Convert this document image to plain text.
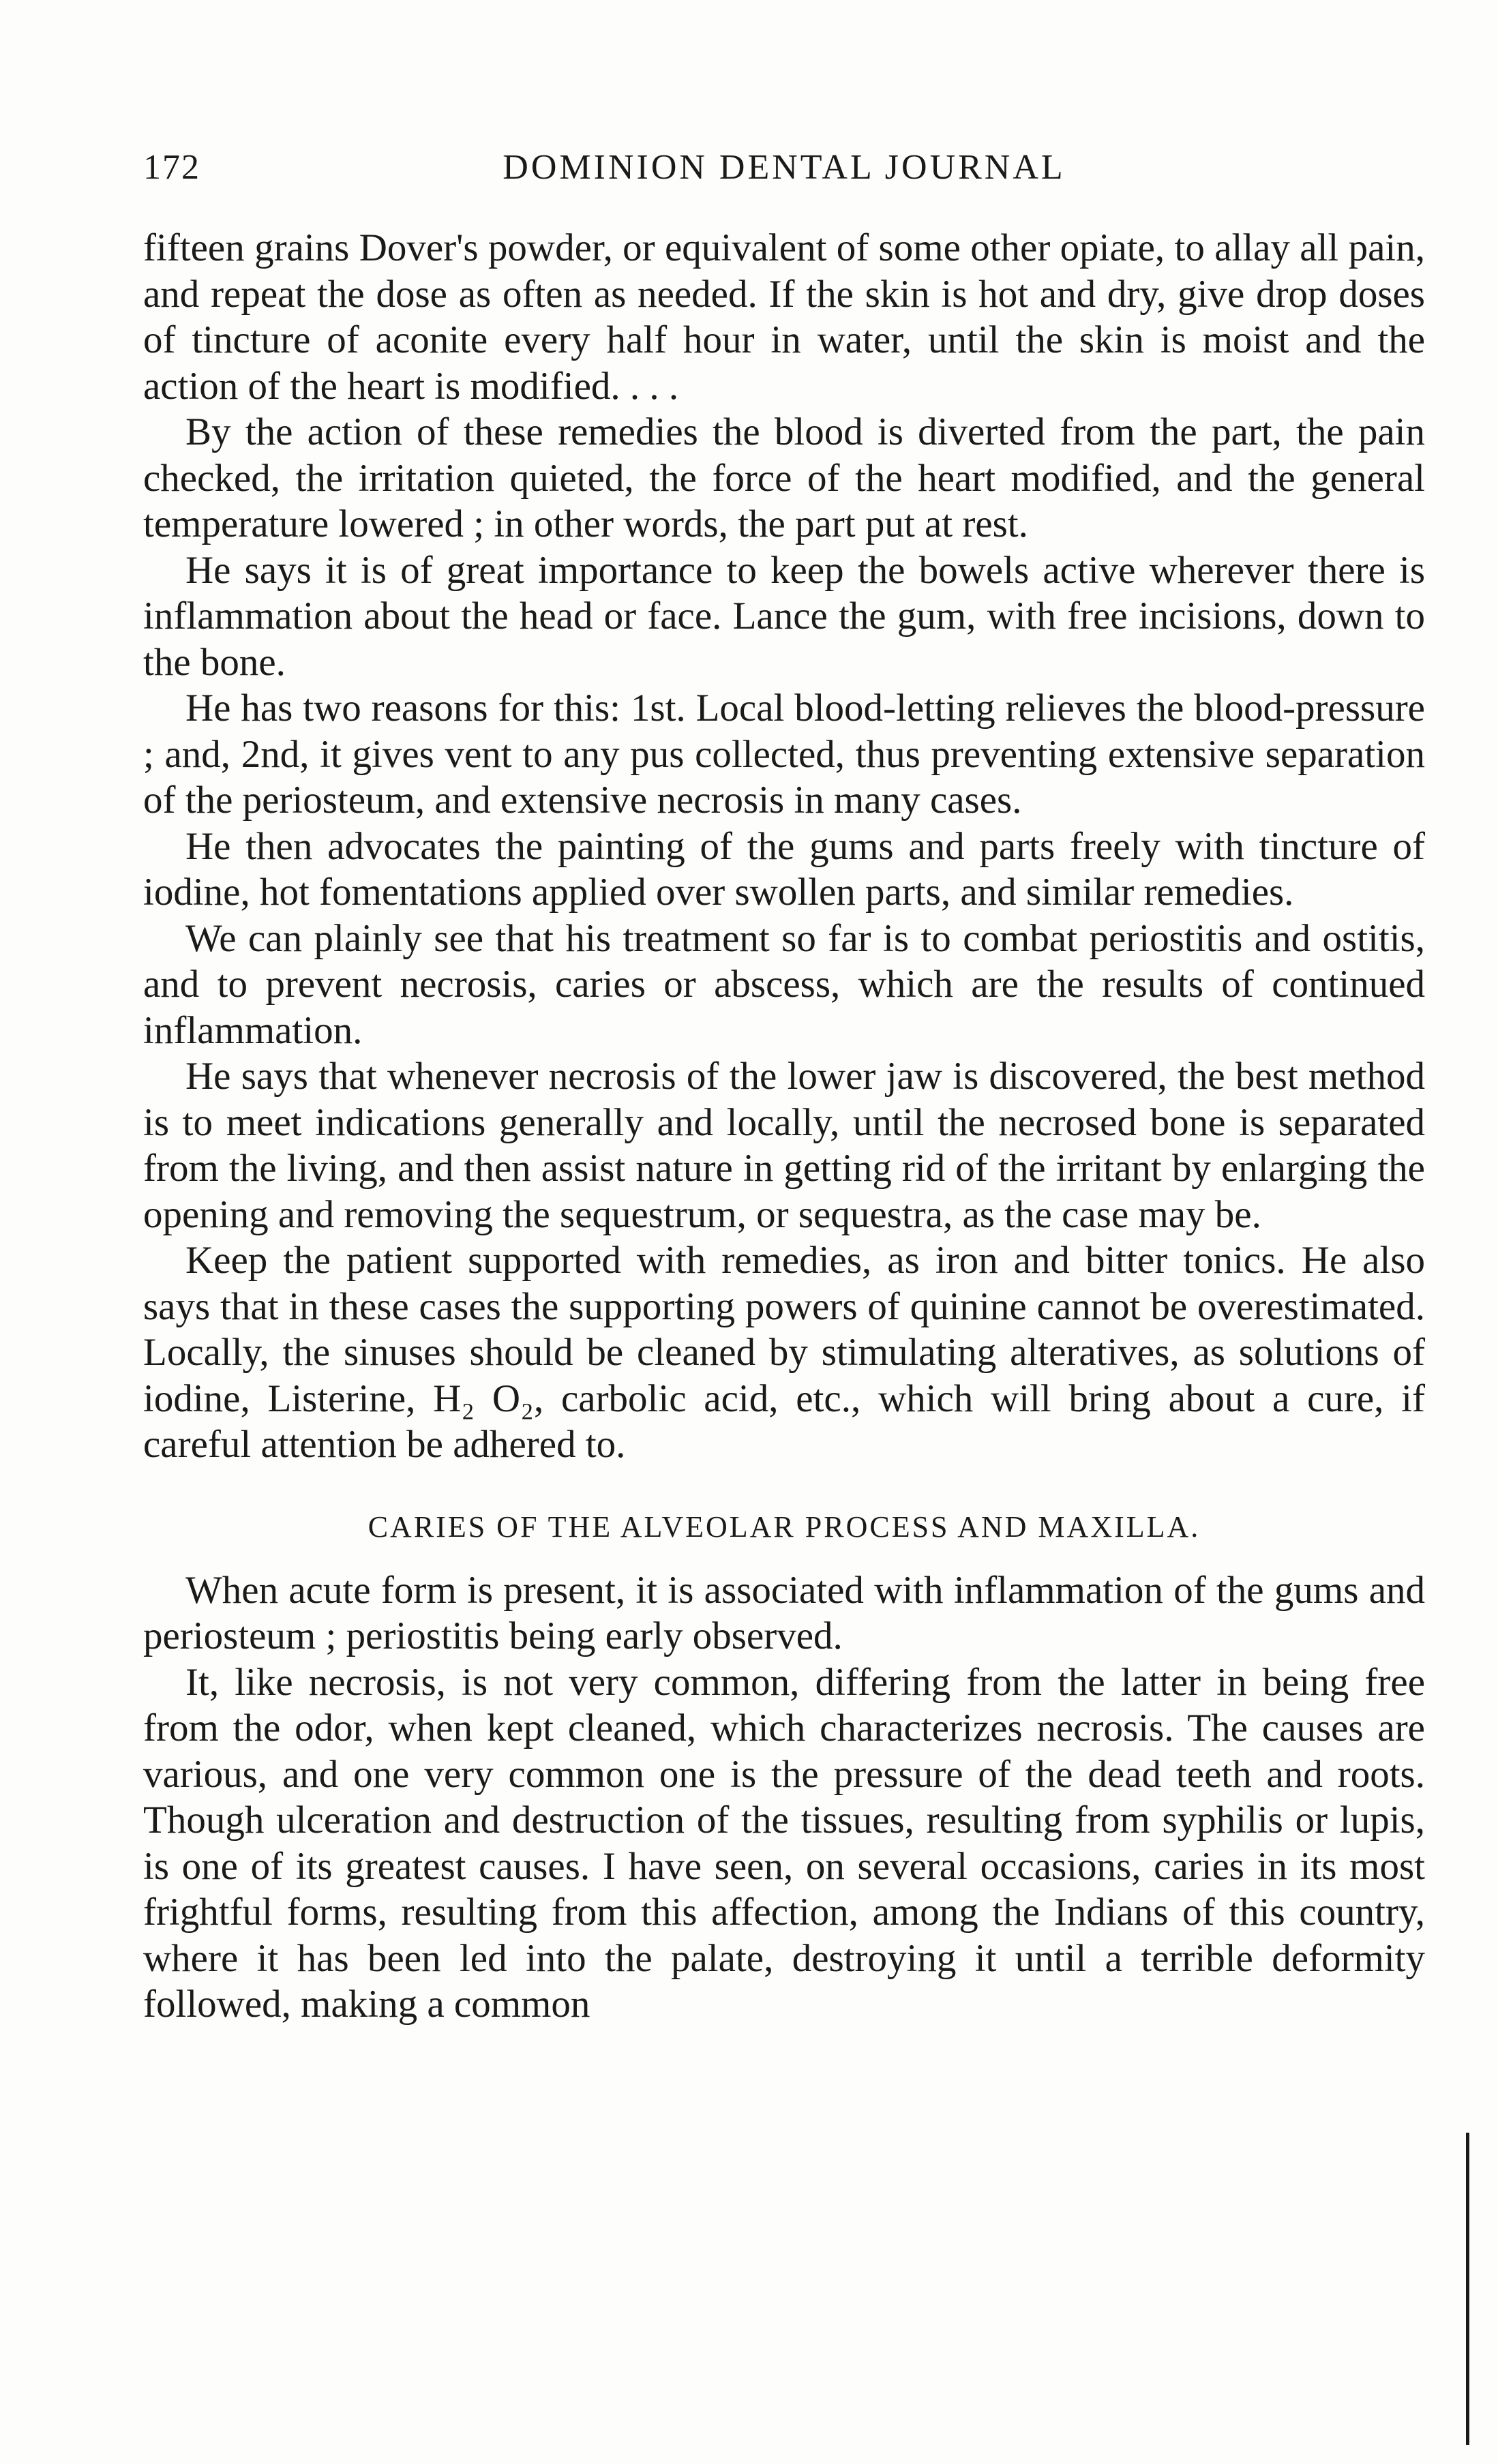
172	DOMINION DENTAL JOURNAL

fifteen grains Dover's powder, or equivalent of some other opiate, to allay all pain, and repeat the dose as often as needed. If the skin is hot and dry, give drop doses of tincture of aconite every half hour in water, until the skin is moist and the action of the heart is modified. . . .

By the action of these remedies the blood is diverted from the part, the pain checked, the irritation quieted, the force of the heart modified, and the general temperature lowered ; in other words, the part put at rest.

He says it is of great importance to keep the bowels active wherever there is inflammation about the head or face. Lance the gum, with free incisions, down to the bone.

He has two reasons for this: 1st. Local blood-letting relieves the blood-pressure ; and, 2nd, it gives vent to any pus collected, thus preventing extensive separation of the periosteum, and extensive necrosis in many cases.

He then advocates the painting of the gums and parts freely with tincture of iodine, hot fomentations applied over swollen parts, and similar remedies.

We can plainly see that his treatment so far is to combat periostitis and ostitis, and to prevent necrosis, caries or abscess, which are the results of continued inflammation.

He says that whenever necrosis of the lower jaw is discovered, the best method is to meet indications generally and locally, until the necrosed bone is separated from the living, and then assist nature in getting rid of the irritant by enlarging the opening and removing the sequestrum, or sequestra, as the case may be.

Keep the patient supported with remedies, as iron and bitter tonics. He also says that in these cases the supporting powers of quinine cannot be overestimated. Locally, the sinuses should be cleaned by stimulating alteratives, as solutions of iodine, Listerine, H₂ O₂, carbolic acid, etc., which will bring about a cure, if careful attention be adhered to.

CARIES OF THE ALVEOLAR PROCESS AND MAXILLA.

When acute form is present, it is associated with inflammation of the gums and periosteum ; periostitis being early observed.

It, like necrosis, is not very common, differing from the latter in being free from the odor, when kept cleaned, which characterizes necrosis. The causes are various, and one very common one is the pressure of the dead teeth and roots. Though ulceration and destruction of the tissues, resulting from syphilis or lupis, is one of its greatest causes. I have seen, on several occasions, caries in its most frightful forms, resulting from this affection, among the Indians of this country, where it has been led into the palate, destroying it until a terrible deformity followed, making a common
